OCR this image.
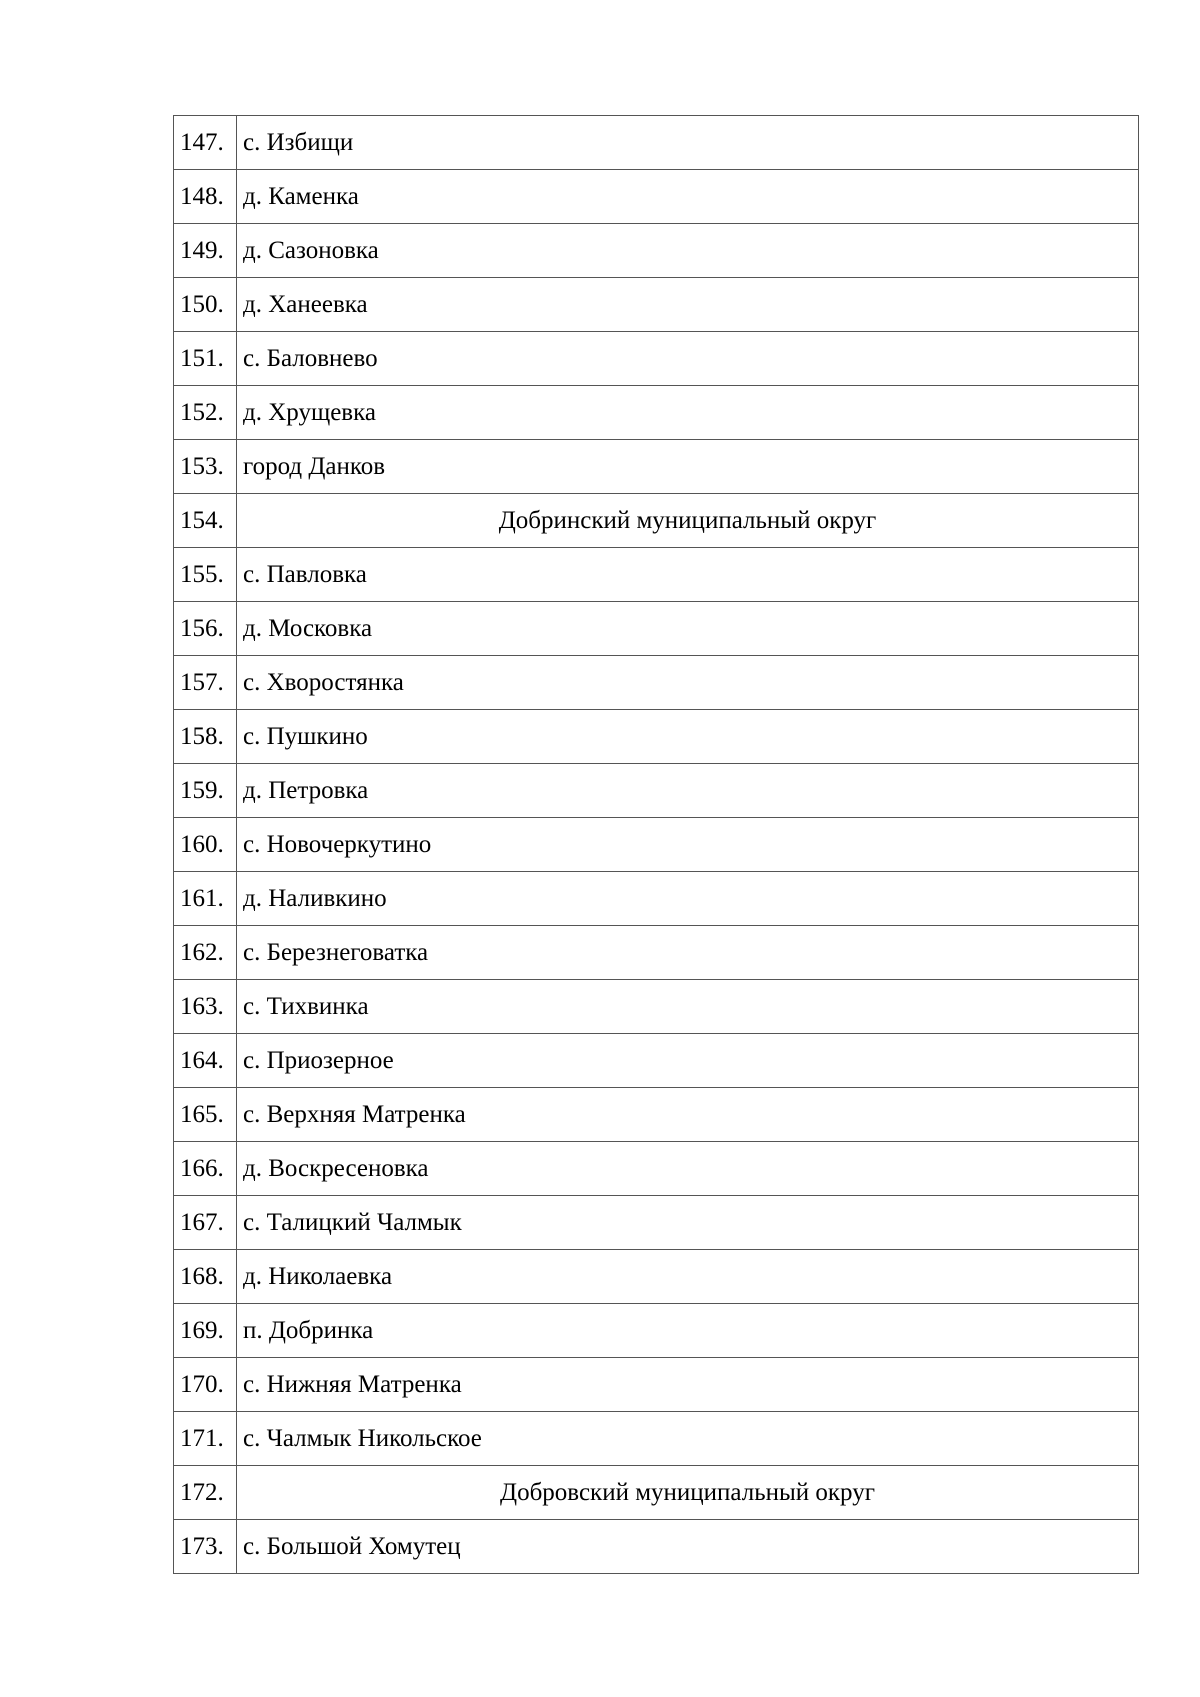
147.	с. Избищи
148.	д. Каменка
149.	д. Сазоновка
150.	д. Ханеевка
151.	с. Баловнево
152.	д. Хрущевка
153.	город Данков
154.	Добринский муниципальный округ
155.	с. Павловка
156.	д. Московка
157.	с. Хворостянка
158.	с. Пушкино
159.	д. Петровка
160.	с. Новочеркутино
161.	д. Наливкино
162.	с. Березнеговатка
163.	с. Тихвинка
164.	с. Приозерное
165.	с. Верхняя Матренка
166.	д. Воскресеновка
167.	с. Талицкий Чалмык
168.	д. Николаевка
169.	п. Добринка
170.	с. Нижняя Матренка
171.	с. Чалмык Никольское
172.	Добровский муниципальный округ
173.	с. Большой Хомутец
